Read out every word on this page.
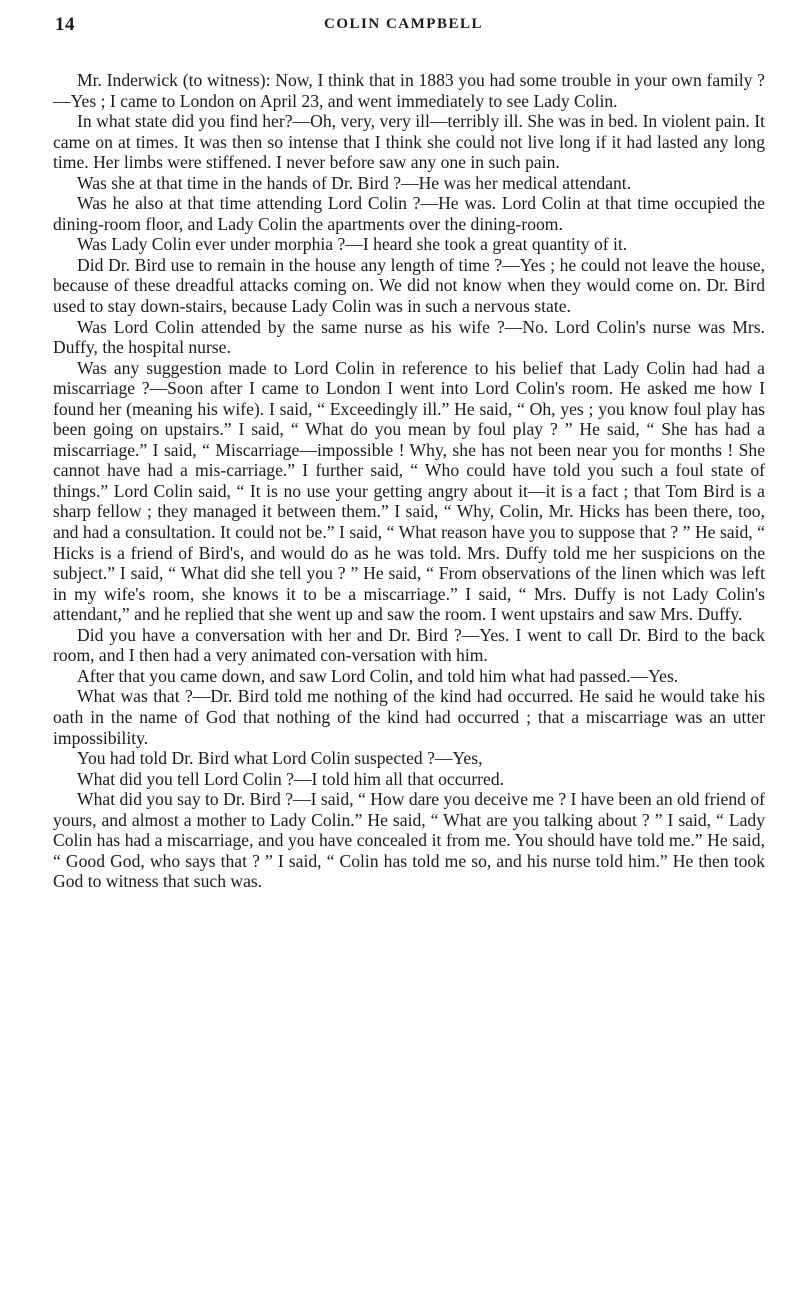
14	COLIN CAMPBELL

Mr. Inderwick (to witness): Now, I think that in 1883 you had some trouble in your own family ?—Yes ; I came to London on April 23, and went immediately to see Lady Colin.

In what state did you find her?—Oh, very, very ill—terribly ill. She was in bed. In violent pain. It came on at times. It was then so intense that I think she could not live long if it had lasted any long time. Her limbs were stiffened. I never before saw any one in such pain.

Was she at that time in the hands of Dr. Bird ?—He was her medical attendant.

Was he also at that time attending Lord Colin ?—He was. Lord Colin at that time occupied the dining-room floor, and Lady Colin the apartments over the dining-room.

Was Lady Colin ever under morphia ?—I heard she took a great quantity of it.

Did Dr. Bird use to remain in the house any length of time ?—Yes ; he could not leave the house, because of these dreadful attacks coming on. We did not know when they would come on. Dr. Bird used to stay down-stairs, because Lady Colin was in such a nervous state.

Was Lord Colin attended by the same nurse as his wife ?—No. Lord Colin's nurse was Mrs. Duffy, the hospital nurse.

Was any suggestion made to Lord Colin in reference to his belief that Lady Colin had had a miscarriage ?—Soon after I came to London I went into Lord Colin's room. He asked me how I found her (meaning his wife). I said, “ Exceedingly ill.” He said, “ Oh, yes ; you know foul play has been going on upstairs.” I said, “ What do you mean by foul play ? ” He said, “ She has had a miscarriage.” I said, “ Miscarriage—impossible ! Why, she has not been near you for months ! She cannot have had a mis-carriage.” I further said, “ Who could have told you such a foul state of things.” Lord Colin said, “ It is no use your getting angry about it—it is a fact ; that Tom Bird is a sharp fellow ; they managed it between them.” I said, “ Why, Colin, Mr. Hicks has been there, too, and had a consultation. It could not be.” I said, “ What reason have you to suppose that ? ” He said, “ Hicks is a friend of Bird's, and would do as he was told. Mrs. Duffy told me her suspicions on the subject.” I said, “ What did she tell you ? ” He said, “ From observations of the linen which was left in my wife's room, she knows it to be a miscarriage.” I said, “ Mrs. Duffy is not Lady Colin's attendant,” and he replied that she went up and saw the room. I went upstairs and saw Mrs. Duffy.

Did you have a conversation with her and Dr. Bird ?—Yes. I went to call Dr. Bird to the back room, and I then had a very animated con-versation with him.

After that you came down, and saw Lord Colin, and told him what had passed.—Yes.

What was that ?—Dr. Bird told me nothing of the kind had occurred. He said he would take his oath in the name of God that nothing of the kind had occurred ; that a miscarriage was an utter impossibility.

You had told Dr. Bird what Lord Colin suspected ?—Yes,

What did you tell Lord Colin ?—I told him all that occurred.

What did you say to Dr. Bird ?—I said, “ How dare you deceive me ? I have been an old friend of yours, and almost a mother to Lady Colin.” He said, “ What are you talking about ? ” I said, “ Lady Colin has had a miscarriage, and you have concealed it from me. You should have told me.” He said, “ Good God, who says that ? ” I said, “ Colin has told me so, and his nurse told him.” He then took God to witness that such was.
